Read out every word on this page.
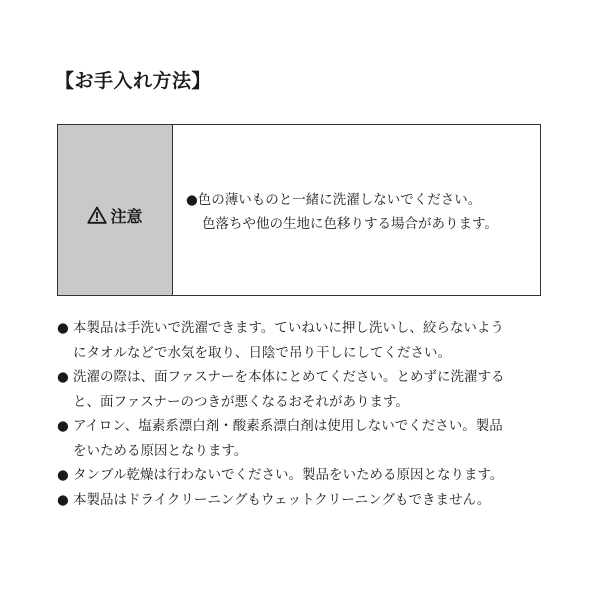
【お手入れ方法】
注意
●色の薄いものと一緒に洗濯しないでください。
色落ちや他の生地に色移りする場合があります。
● 本製品は手洗いで洗濯できます。ていねいに押し洗いし、絞らないよう
にタオルなどで水気を取り、日陰で吊り干しにしてください。
● 洗濯の際は、面ファスナーを本体にとめてください。とめずに洗濯する
と、面ファスナーのつきが悪くなるおそれがあります。
● アイロン、塩素系漂白剤・酸素系漂白剤は使用しないでください。製品
をいためる原因となります。
● タンブル乾燥は行わないでください。製品をいためる原因となります。
● 本製品はドライクリーニングもウェットクリーニングもできません。
